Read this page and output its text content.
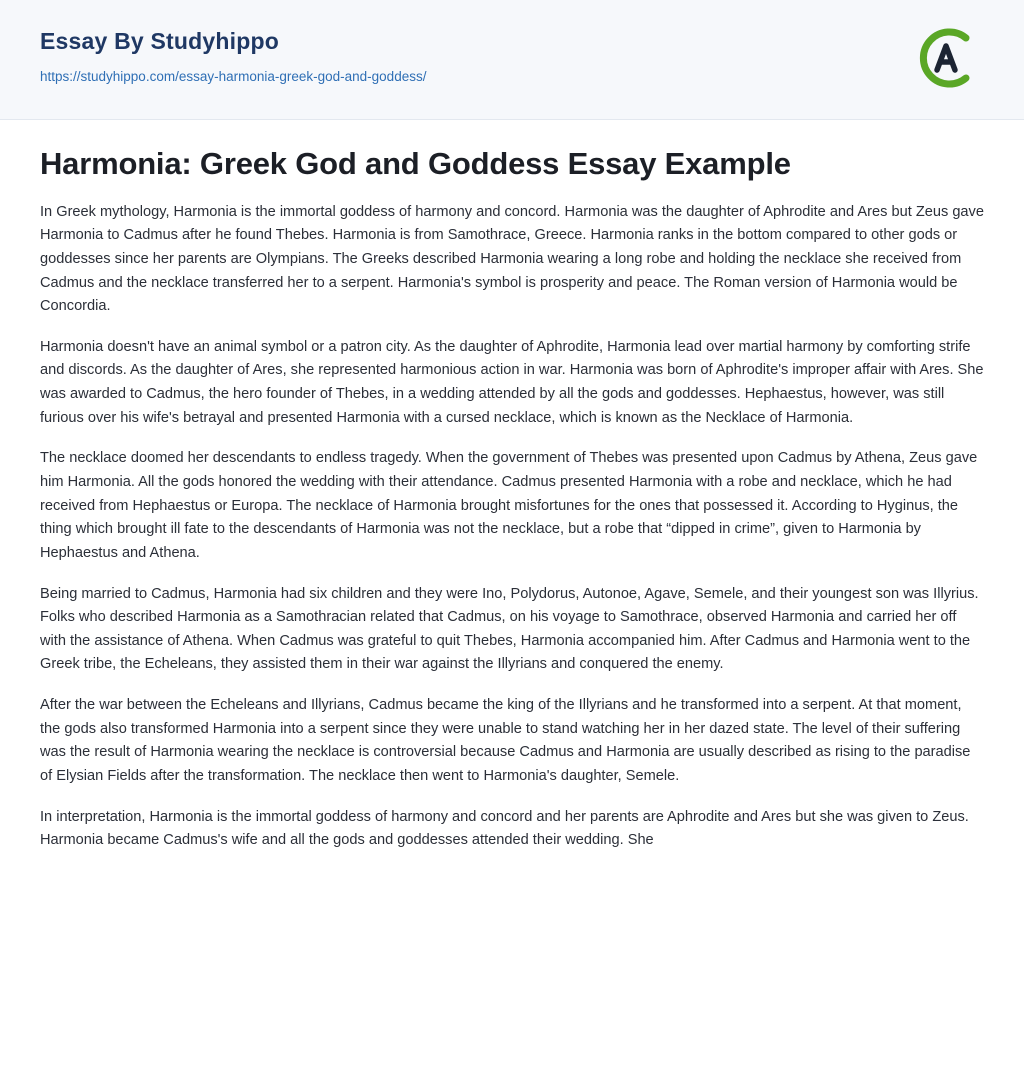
Essay By Studyhippo

https://studyhippo.com/essay-harmonia-greek-god-and-goddess/

Harmonia: Greek God and Goddess Essay Example

In Greek mythology, Harmonia is the immortal goddess of harmony and concord. Harmonia was the daughter of Aphrodite and Ares but Zeus gave Harmonia to Cadmus after he found Thebes. Harmonia is from Samothrace, Greece. Harmonia ranks in the bottom compared to other gods or goddesses since her parents are Olympians. The Greeks described Harmonia wearing a long robe and holding the necklace she received from Cadmus and the necklace transferred her to a serpent. Harmonia's symbol is prosperity and peace. The Roman version of Harmonia would be Concordia.

Harmonia doesn't have an animal symbol or a patron city. As the daughter of Aphrodite, Harmonia lead over martial harmony by comforting strife and discords. As the daughter of Ares, she represented harmonious action in war. Harmonia was born of Aphrodite's improper affair with Ares. She was awarded to Cadmus, the hero founder of Thebes, in a wedding attended by all the gods and goddesses. Hephaestus, however, was still furious over his wife's betrayal and presented Harmonia with a cursed necklace, which is known as the Necklace of Harmonia.

The necklace doomed her descendants to endless tragedy. When the government of Thebes was presented upon Cadmus by Athena, Zeus gave him Harmonia. All the gods honored the wedding with their attendance. Cadmus presented Harmonia with a robe and necklace, which he had received from Hephaestus or Europa. The necklace of Harmonia brought misfortunes for the ones that possessed it. According to Hyginus, the thing which brought ill fate to the descendants of Harmonia was not the necklace, but a robe that “dipped in crime”, given to Harmonia by Hephaestus and Athena.

Being married to Cadmus, Harmonia had six children and they were Ino, Polydorus, Autonoe, Agave, Semele, and their youngest son was Illyrius. Folks who described Harmonia as a Samothracian related that Cadmus, on his voyage to Samothrace, observed Harmonia and carried her off with the assistance of Athena. When Cadmus was grateful to quit Thebes, Harmonia accompanied him. After Cadmus and Harmonia went to the Greek tribe, the Echeleans, they assisted them in their war against the Illyrians and conquered the enemy.

After the war between the Echeleans and Illyrians, Cadmus became the king of the Illyrians and he transformed into a serpent. At that moment, the gods also transformed Harmonia into a serpent since they were unable to stand watching her in her dazed state. The level of their suffering was the result of Harmonia wearing the necklace is controversial because Cadmus and Harmonia are usually described as rising to the paradise of Elysian Fields after the transformation. The necklace then went to Harmonia's daughter, Semele.

In interpretation, Harmonia is the immortal goddess of harmony and concord and her parents are Aphrodite and Ares but she was given to Zeus. Harmonia became Cadmus's wife and all the gods and goddesses attended their wedding. She
